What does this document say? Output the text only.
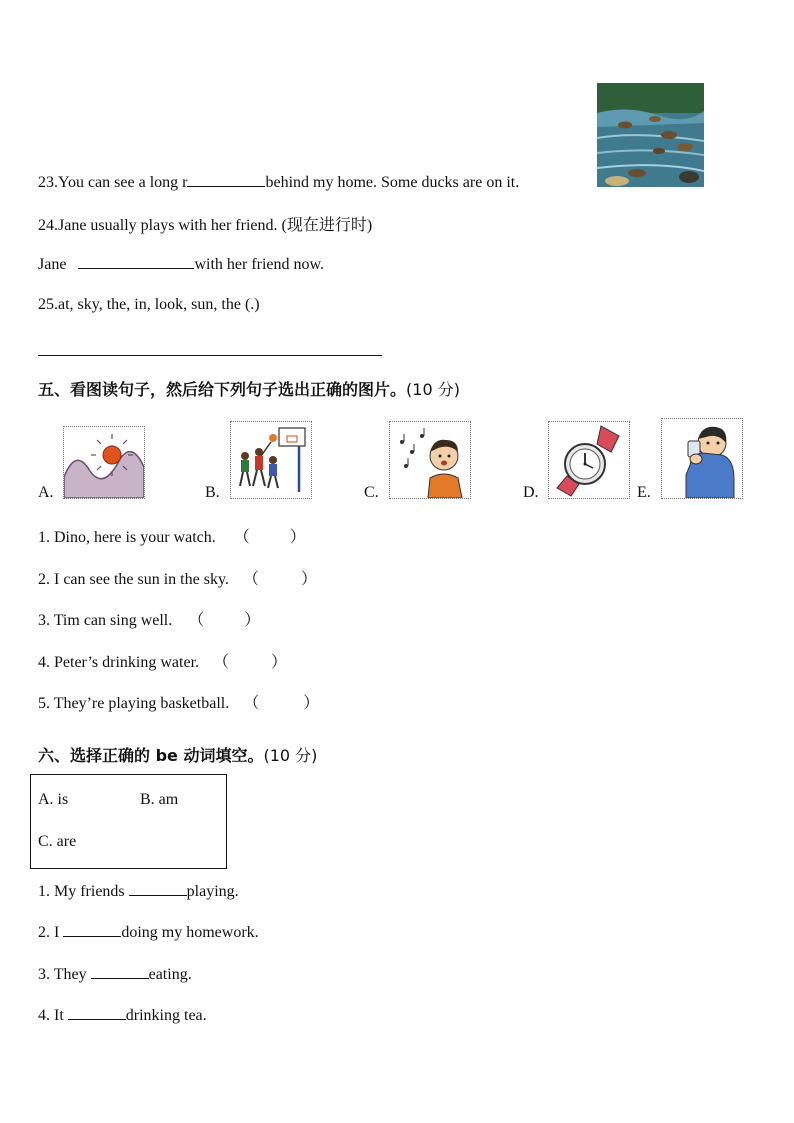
23.You can see a long r	behind my home. Some ducks are on it.
24.Jane usually plays with her friend. (现在进行时)
Jane	with her friend now.
25.at, sky, the, in, look, sun, the (.)
五、看图读句子，然后给下列句子选出正确的图片。(10 分)
A.	B.	C.	D.	E.
1. Dino, here is your watch. （	）
2. I can see the sun in the sky. （	）
3. Tim can sing well. （	）
4. Peter’s drinking water. （	）
5. They’re playing basketball. （	）
六、选择正确的 be 动词填空。(10 分)
A. is	B. am
C. are
1. My friends	playing.
2. I	doing my homework.
3. They	eating.
4. It	drinking tea.
